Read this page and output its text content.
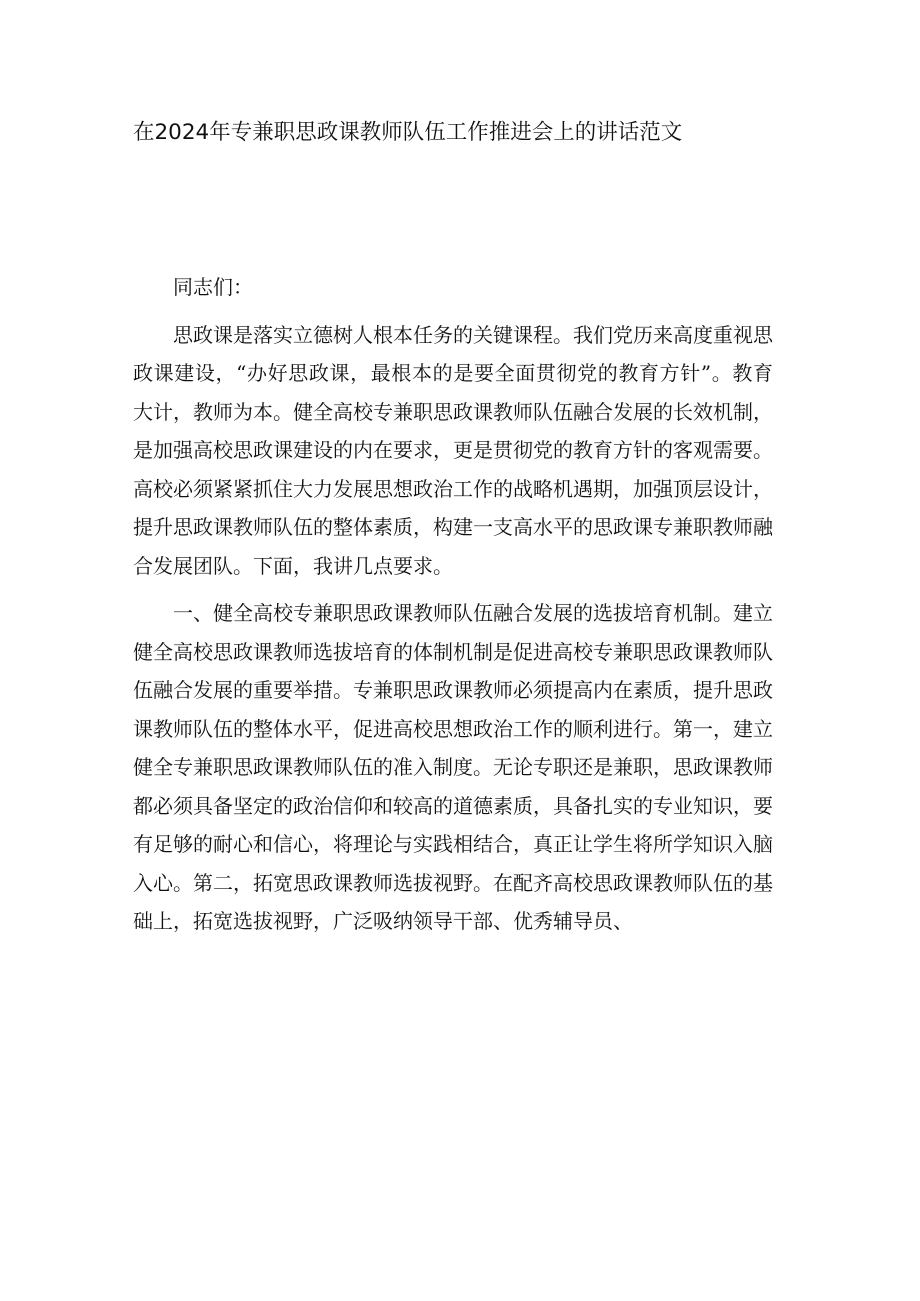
在2024年专兼职思政课教师队伍工作推进会上的讲话范文

同志们：

思政课是落实立德树人根本任务的关键课程。我们党历来高度重视思政课建设，“办好思政课，最根本的是要全面贯彻党的教育方针”。教育大计，教师为本。健全高校专兼职思政课教师队伍融合发展的长效机制，是加强高校思政课建设的内在要求，更是贯彻党的教育方针的客观需要。高校必须紧紧抓住大力发展思想政治工作的战略机遇期，加强顶层设计，提升思政课教师队伍的整体素质，构建一支高水平的思政课专兼职教师融合发展团队。下面，我讲几点要求。

一、健全高校专兼职思政课教师队伍融合发展的选拔培育机制。建立健全高校思政课教师选拔培育的体制机制是促进高校专兼职思政课教师队伍融合发展的重要举措。专兼职思政课教师必须提高内在素质，提升思政课教师队伍的整体水平，促进高校思想政治工作的顺利进行。第一，建立健全专兼职思政课教师队伍的准入制度。无论专职还是兼职，思政课教师都必须具备坚定的政治信仰和较高的道德素质，具备扎实的专业知识，要有足够的耐心和信心，将理论与实践相结合，真正让学生将所学知识入脑入心。第二，拓宽思政课教师选拔视野。在配齐高校思政课教师队伍的基础上，拓宽选拔视野，广泛吸纳领导干部、优秀辅导员、
